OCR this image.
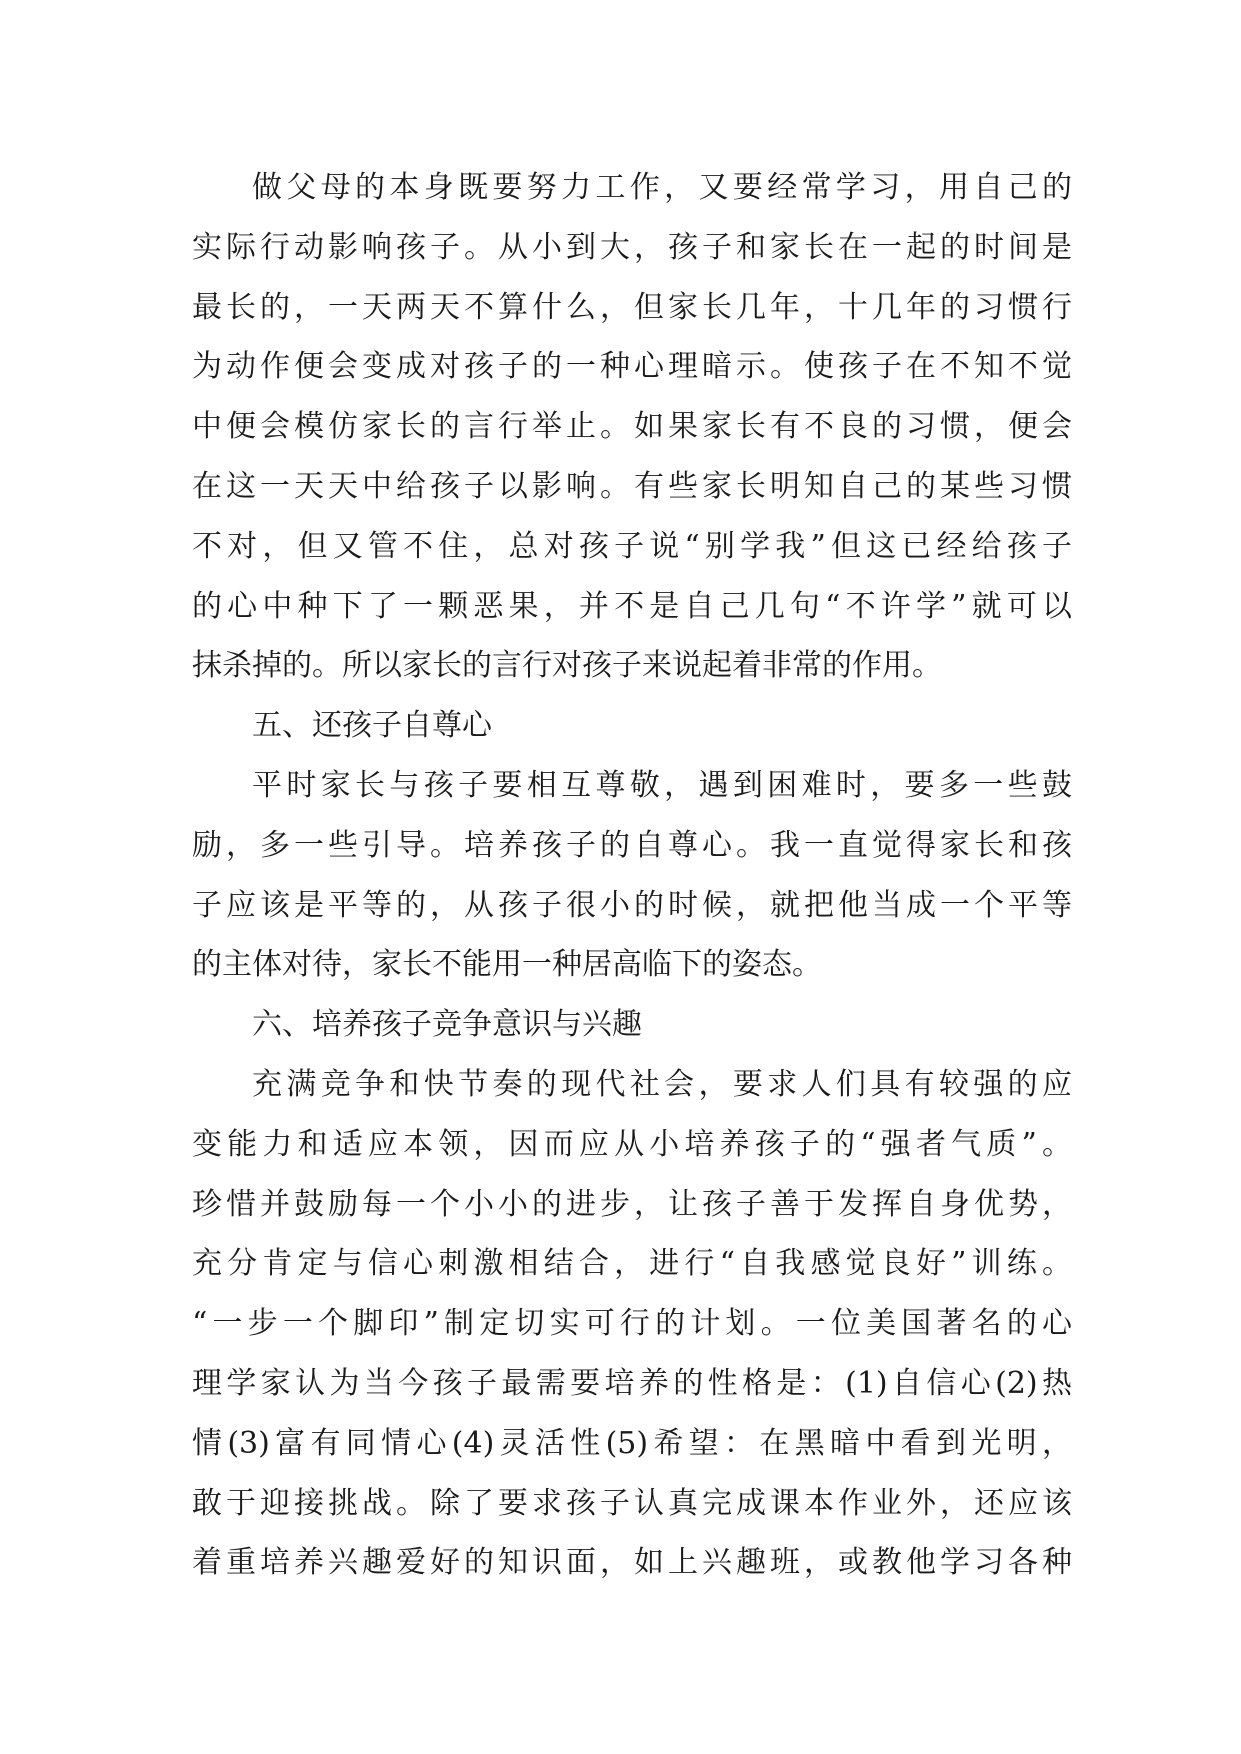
做父母的本身既要努力工作，又要经常学习，用自己的
实际行动影响孩子。从小到大，孩子和家长在一起的时间是
最长的，一天两天不算什么，但家长几年，十几年的习惯行
为动作便会变成对孩子的一种心理暗示。使孩子在不知不觉
中便会模仿家长的言行举止。如果家长有不良的习惯，便会
在这一天天中给孩子以影响。有些家长明知自己的某些习惯
不对，但又管不住，总对孩子说“别学我”但这已经给孩子
的心中种下了一颗恶果，并不是自己几句“不许学”就可以
抹杀掉的。所以家长的言行对孩子来说起着非常的作用。
五、还孩子自尊心
平时家长与孩子要相互尊敬，遇到困难时，要多一些鼓
励，多一些引导。培养孩子的自尊心。我一直觉得家长和孩
子应该是平等的，从孩子很小的时候，就把他当成一个平等
的主体对待，家长不能用一种居高临下的姿态。
六、培养孩子竞争意识与兴趣
充满竞争和快节奏的现代社会，要求人们具有较强的应
变能力和适应本领，因而应从小培养孩子的“强者气质”。
珍惜并鼓励每一个小小的进步，让孩子善于发挥自身优势，
充分肯定与信心刺激相结合，进行“自我感觉良好”训练。
“一步一个脚印”制定切实可行的计划。一位美国著名的心
理学家认为当今孩子最需要培养的性格是：(1)自信心(2)热
情(3)富有同情心(4)灵活性(5)希望：在黑暗中看到光明，
敢于迎接挑战。除了要求孩子认真完成课本作业外，还应该
着重培养兴趣爱好的知识面，如上兴趣班，或教他学习各种
